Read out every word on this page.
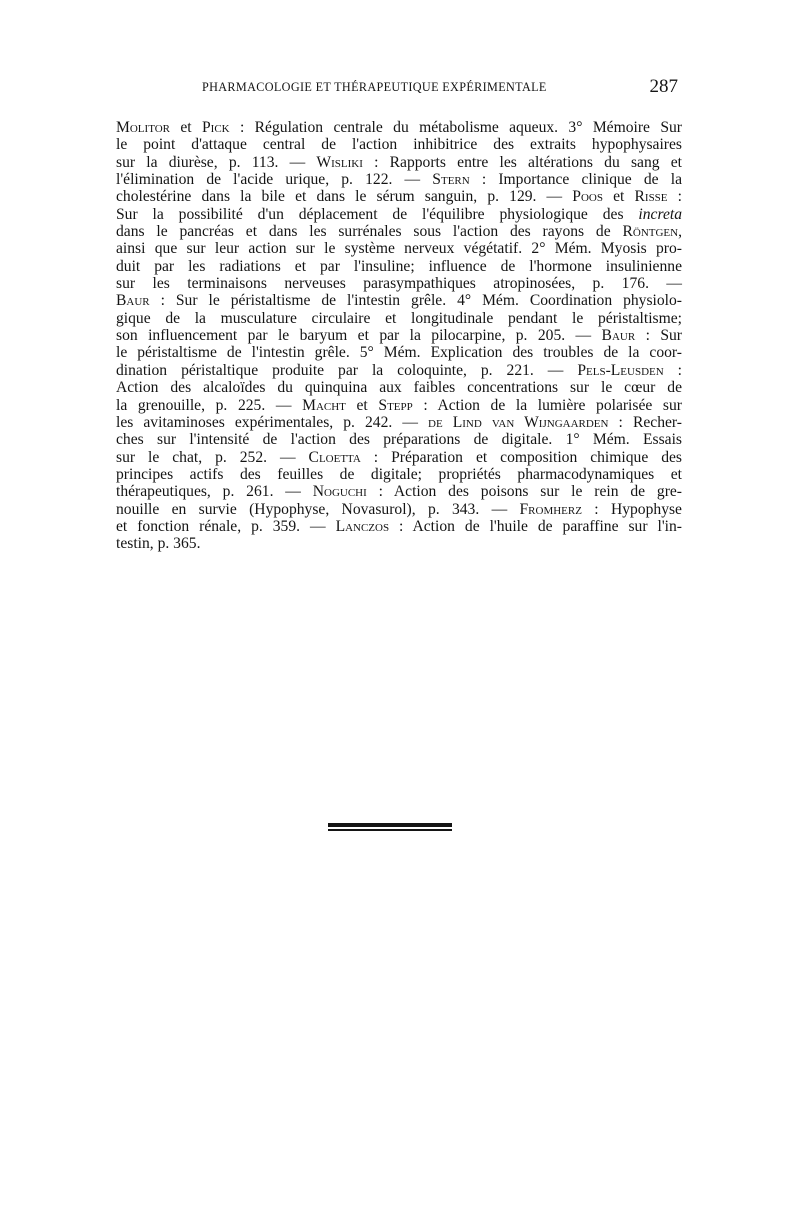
PHARMACOLOGIE ET THÉRAPEUTIQUE EXPÉRIMENTALE	287
Molitor et Pick : Régulation centrale du métabolisme aqueux. 3° Mémoire Sur
le point d'attaque central de l'action inhibitrice des extraits hypophysaires
sur la diurèse, p. 113. — Wisliki : Rapports entre les altérations du sang et
l'élimination de l'acide urique, p. 122. — Stern : Importance clinique de la
cholestérine dans la bile et dans le sérum sanguin, p. 129. — Poos et Risse :
Sur la possibilité d'un déplacement de l'équilibre physiologique des increta
dans le pancréas et dans les surrénales sous l'action des rayons de Röntgen,
ainsi que sur leur action sur le système nerveux végétatif. 2° Mém. Myosis pro-
duit par les radiations et par l'insuline; influence de l'hormone insulinienne
sur les terminaisons nerveuses parasympathiques atropinosées, p. 176. —
Baur : Sur le péristaltisme de l'intestin grêle. 4° Mém. Coordination physiolo-
gique de la musculature circulaire et longitudinale pendant le péristaltisme;
son influencement par le baryum et par la pilocarpine, p. 205. — Baur : Sur
le péristaltisme de l'intestin grêle. 5° Mém. Explication des troubles de la coor-
dination péristaltique produite par la coloquinte, p. 221. — Pels-Leusden :
Action des alcaloïdes du quinquina aux faibles concentrations sur le cœur de
la grenouille, p. 225. — Macht et Stepp : Action de la lumière polarisée sur
les avitaminoses expérimentales, p. 242. — de Lind van Wijngaarden : Recher-
ches sur l'intensité de l'action des préparations de digitale. 1° Mém. Essais
sur le chat, p. 252. — Cloetta : Préparation et composition chimique des
principes actifs des feuilles de digitale; propriétés pharmacodynamiques et
thérapeutiques, p. 261. — Noguchi : Action des poisons sur le rein de gre-
nouille en survie (Hypophyse, Novasurol), p. 343. — Fromherz : Hypophyse
et fonction rénale, p. 359. — Lanczos : Action de l'huile de paraffine sur l'in-
testin, p. 365.
